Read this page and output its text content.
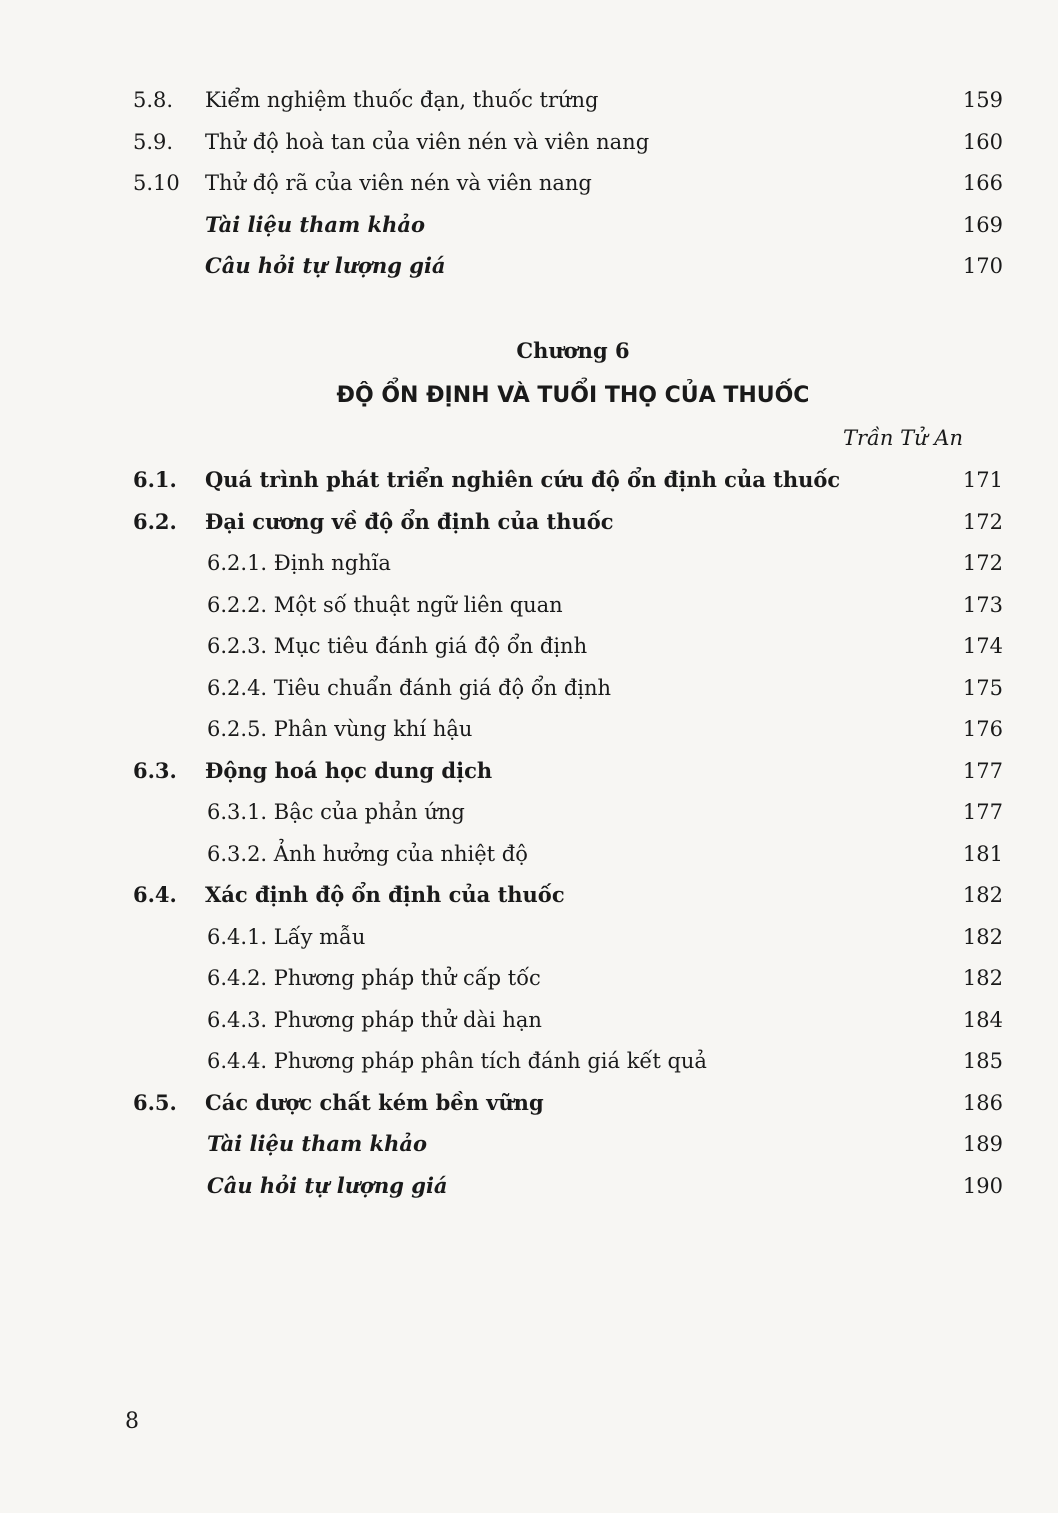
5.8. Kiểm nghiệm thuốc đạn, thuốc trứng	159
5.9. Thử độ hoà tan của viên nén và viên nang	160
5.10 Thử độ rã của viên nén và viên nang	166
Tài liệu tham khảo	169
Câu hỏi tự lượng giá	170
Chương 6
ĐỘ ỔN ĐỊNH VÀ TUỔI THỌ CỦA THUỐC
Trần Tử An
6.1. Quá trình phát triển nghiên cứu độ ổn định của thuốc	171
6.2. Đại cương về độ ổn định của thuốc	172
6.2.1. Định nghĩa	172
6.2.2. Một số thuật ngữ liên quan	173
6.2.3. Mục tiêu đánh giá độ ổn định	174
6.2.4. Tiêu chuẩn đánh giá độ ổn định	175
6.2.5. Phân vùng khí hậu	176
6.3. Động hoá học dung dịch	177
6.3.1. Bậc của phản ứng	177
6.3.2. Ảnh hưởng của nhiệt độ	181
6.4. Xác định độ ổn định của thuốc	182
6.4.1. Lấy mẫu	182
6.4.2. Phương pháp thử cấp tốc	182
6.4.3. Phương pháp thử dài hạn	184
6.4.4. Phương pháp phân tích đánh giá kết quả	185
6.5. Các dược chất kém bền vững	186
Tài liệu tham khảo	189
Câu hỏi tự lượng giá	190
8
